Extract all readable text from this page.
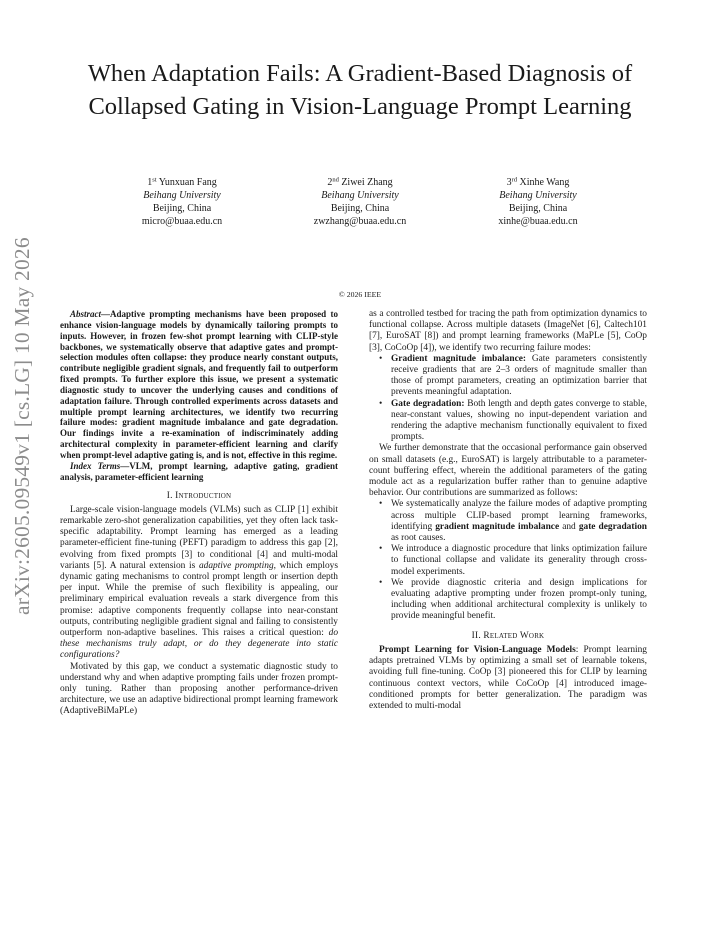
arXiv:2605.09549v1 [cs.LG] 10 May 2026
When Adaptation Fails: A Gradient-Based Diagnosis of Collapsed Gating in Vision-Language Prompt Learning
1st Yunxuan Fang
Beihang University
Beijing, China
micro@buaa.edu.cn
2nd Ziwei Zhang
Beihang University
Beijing, China
zwzhang@buaa.edu.cn
3rd Xinhe Wang
Beihang University
Beijing, China
xinhe@buaa.edu.cn
© 2026 IEEE

Abstract—Adaptive prompting mechanisms have been proposed to enhance vision-language models by dynamically tailoring prompts to inputs. However, in frozen few-shot prompt learning with CLIP-style backbones, we systematically observe that adaptive gates and prompt-selection modules often collapse: they produce nearly constant outputs, contribute negligible gradient signals, and frequently fail to outperform fixed prompts. To further explore this issue, we present a systematic diagnostic study to uncover the underlying causes and conditions of adaptation failure. Through controlled experiments across datasets and multiple prompt learning architectures, we identify two recurring failure modes: gradient magnitude imbalance and gate degradation. Our findings invite a re-examination of indiscriminately adding architectural complexity in parameter-efficient learning and clarify when prompt-level adaptive gating is, and is not, effective in this regime.

Index Terms—VLM, prompt learning, adaptive gating, gradient analysis, parameter-efficient learning

I. Introduction

Large-scale vision-language models (VLMs) such as CLIP [1] exhibit remarkable zero-shot generalization capabilities, yet they often lack task-specific adaptability. Prompt learning has emerged as a leading parameter-efficient fine-tuning (PEFT) paradigm to address this gap [2], evolving from fixed prompts [3] to conditional [4] and multi-modal variants [5]. A natural extension is adaptive prompting, which employs dynamic gating mechanisms to control prompt length or insertion depth per input. While the premise of such flexibility is appealing, our preliminary empirical evaluation reveals a stark divergence from this promise: adaptive components frequently collapse into near-constant outputs, contributing negligible gradient signal and failing to consistently outperform non-adaptive baselines. This raises a critical question: do these mechanisms truly adapt, or do they degenerate into static configurations?

Motivated by this gap, we conduct a systematic diagnostic study to understand why and when adaptive prompting fails under frozen prompt-only tuning. Rather than proposing another performance-driven architecture, we use an adaptive bidirectional prompt learning framework (AdaptiveBiMaPLe)

as a controlled testbed for tracing the path from optimization dynamics to functional collapse. Across multiple datasets (ImageNet [6], Caltech101 [7], EuroSAT [8]) and prompt learning frameworks (MaPLe [5], CoOp [3], CoCoOp [4]), we identify two recurring failure modes:

• Gradient magnitude imbalance: Gate parameters consistently receive gradients that are 2–3 orders of magnitude smaller than those of prompt parameters, creating an optimization barrier that prevents meaningful adaptation.
• Gate degradation: Both length and depth gates converge to stable, near-constant values, showing no input-dependent variation and rendering the adaptive mechanism functionally equivalent to fixed prompts.

We further demonstrate that the occasional performance gain observed on small datasets (e.g., EuroSAT) is largely attributable to a parameter-count buffering effect, wherein the additional parameters of the gating module act as a regularization buffer rather than to genuine adaptive behavior. Our contributions are summarized as follows:

• We systematically analyze the failure modes of adaptive prompting across multiple CLIP-based prompt learning frameworks, identifying gradient magnitude imbalance and gate degradation as root causes.
• We introduce a diagnostic procedure that links optimization failure to functional collapse and validate its generality through cross-model experiments.
• We provide diagnostic criteria and design implications for evaluating adaptive prompting under frozen prompt-only tuning, including when additional architectural complexity is unlikely to provide meaningful benefit.
II. Related Work

Prompt Learning for Vision-Language Models: Prompt learning adapts pretrained VLMs by optimizing a small set of learnable tokens, avoiding full fine-tuning. CoOp [3] pioneered this for CLIP by learning continuous context vectors, while CoCoOp [4] introduced image-conditioned prompts for better generalization. The paradigm was extended to multi-modal
